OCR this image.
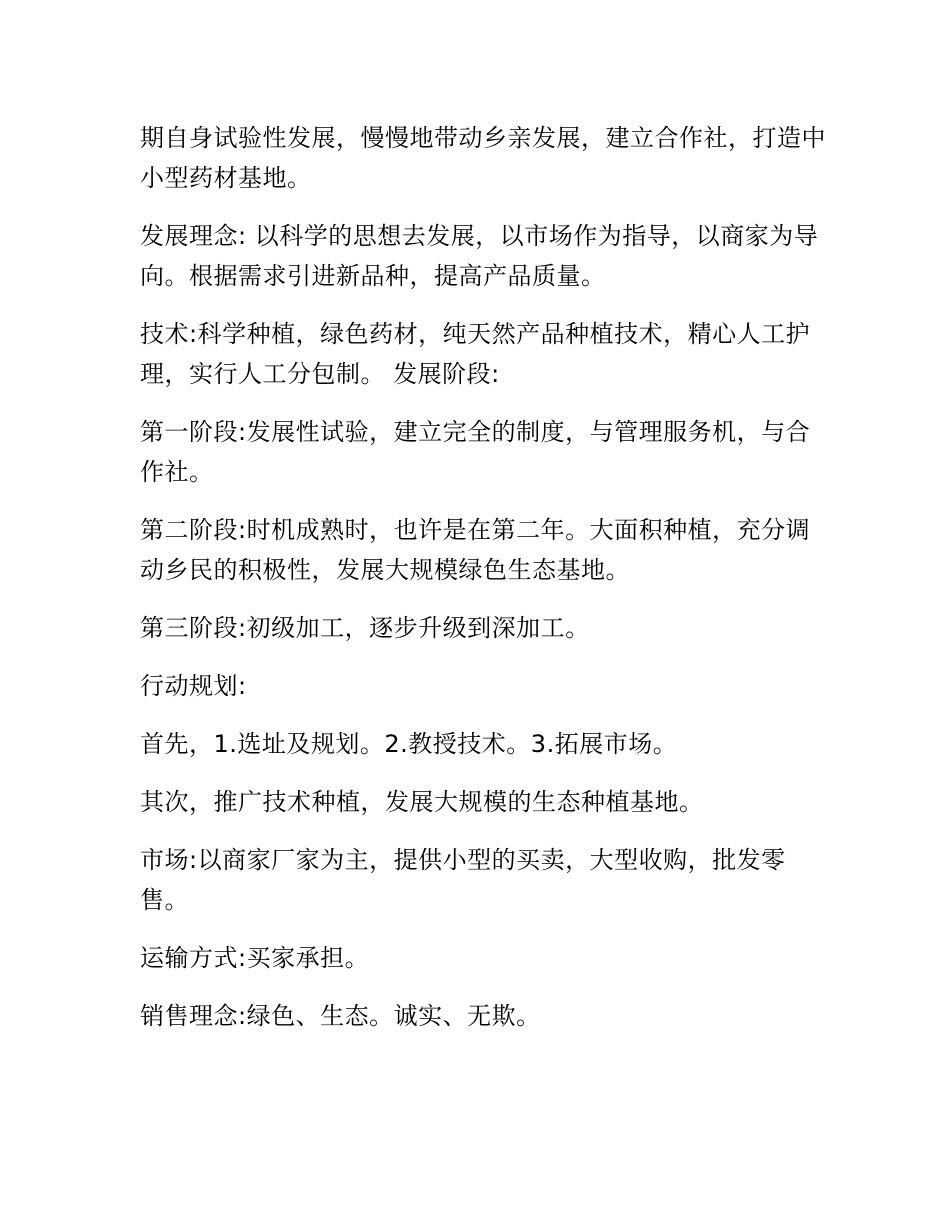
期自身试验性发展，慢慢地带动乡亲发展，建立合作社，打造中小型药材基地。

发展理念: 以科学的思想去发展，以市场作为指导，以商家为导向。根据需求引进新品种，提高产品质量。

技术:科学种植，绿色药材，纯天然产品种植技术，精心人工护理，实行人工分包制。 发展阶段:

第一阶段:发展性试验，建立完全的制度，与管理服务机，与合作社。

第二阶段:时机成熟时，也许是在第二年。大面积种植，充分调动乡民的积极性，发展大规模绿色生态基地。

第三阶段:初级加工，逐步升级到深加工。

行动规划:

首先，1.选址及规划。2.教授技术。3.拓展市场。

其次，推广技术种植，发展大规模的生态种植基地。

市场:以商家厂家为主，提供小型的买卖，大型收购，批发零售。

运输方式:买家承担。

销售理念:绿色、生态。诚实、无欺。
